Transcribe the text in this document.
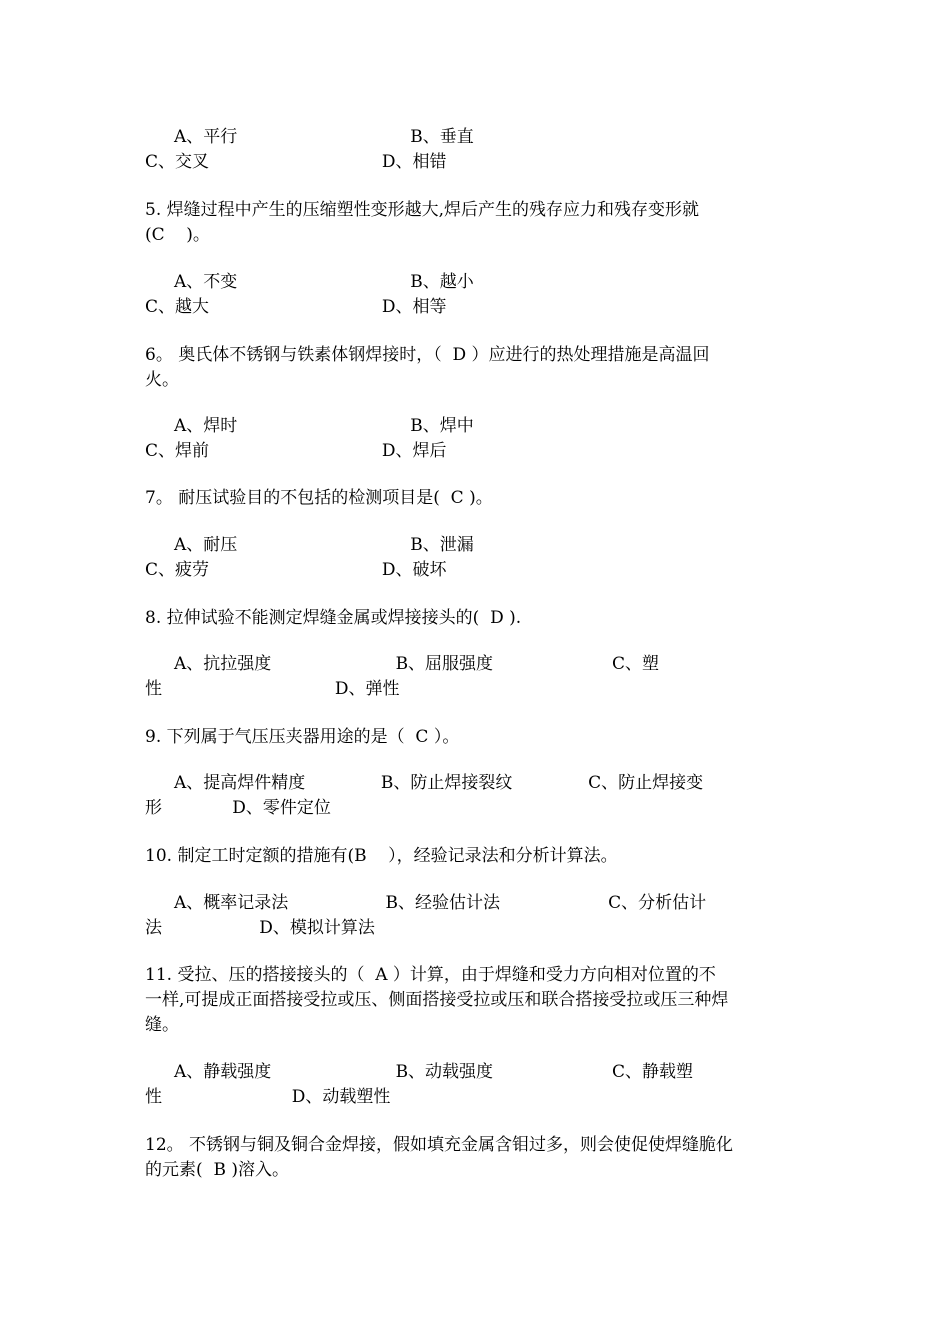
A、平行                                B、垂直
C、交叉                                D、相错
5. 焊缝过程中产生的压缩塑性变形越大,焊后产生的残存应力和残存变形就
(C    )。
A、不变                                B、越小
C、越大                                D、相等
6。 奥氏体不锈钢与铁素体钢焊接时，（  D ）应进行的热处理措施是高温回
火。
A、焊时                                B、焊中
C、焊前                                D、焊后
7。 耐压试验目的不包括的检测项目是(  C )。
A、耐压                                B、泄漏
C、疲劳                                D、破坏
8. 拉伸试验不能测定焊缝金属或焊接接头的(  D ).
A、抗拉强度                       B、屈服强度                      C、塑
性                                D、弹性
9. 下列属于气压压夹器用途的是（  C ）。
A、提高焊件精度              B、防止焊接裂纹              C、防止焊接变
形             D、零件定位
10. 制定工时定额的措施有(B    ），经验记录法和分析计算法。
A、概率记录法                  B、经验估计法                    C、分析估计
法                  D、模拟计算法
11. 受拉、压的搭接接头的（  A ）计算，由于焊缝和受力方向相对位置的不
一样,可提成正面搭接受拉或压、侧面搭接受拉或压和联合搭接受拉或压三种焊
缝。
A、静载强度                       B、动载强度                      C、静载塑
性                        D、动载塑性
12。 不锈钢与铜及铜合金焊接，假如填充金属含钼过多，则会使促使焊缝脆化
的元素(  B )溶入。
